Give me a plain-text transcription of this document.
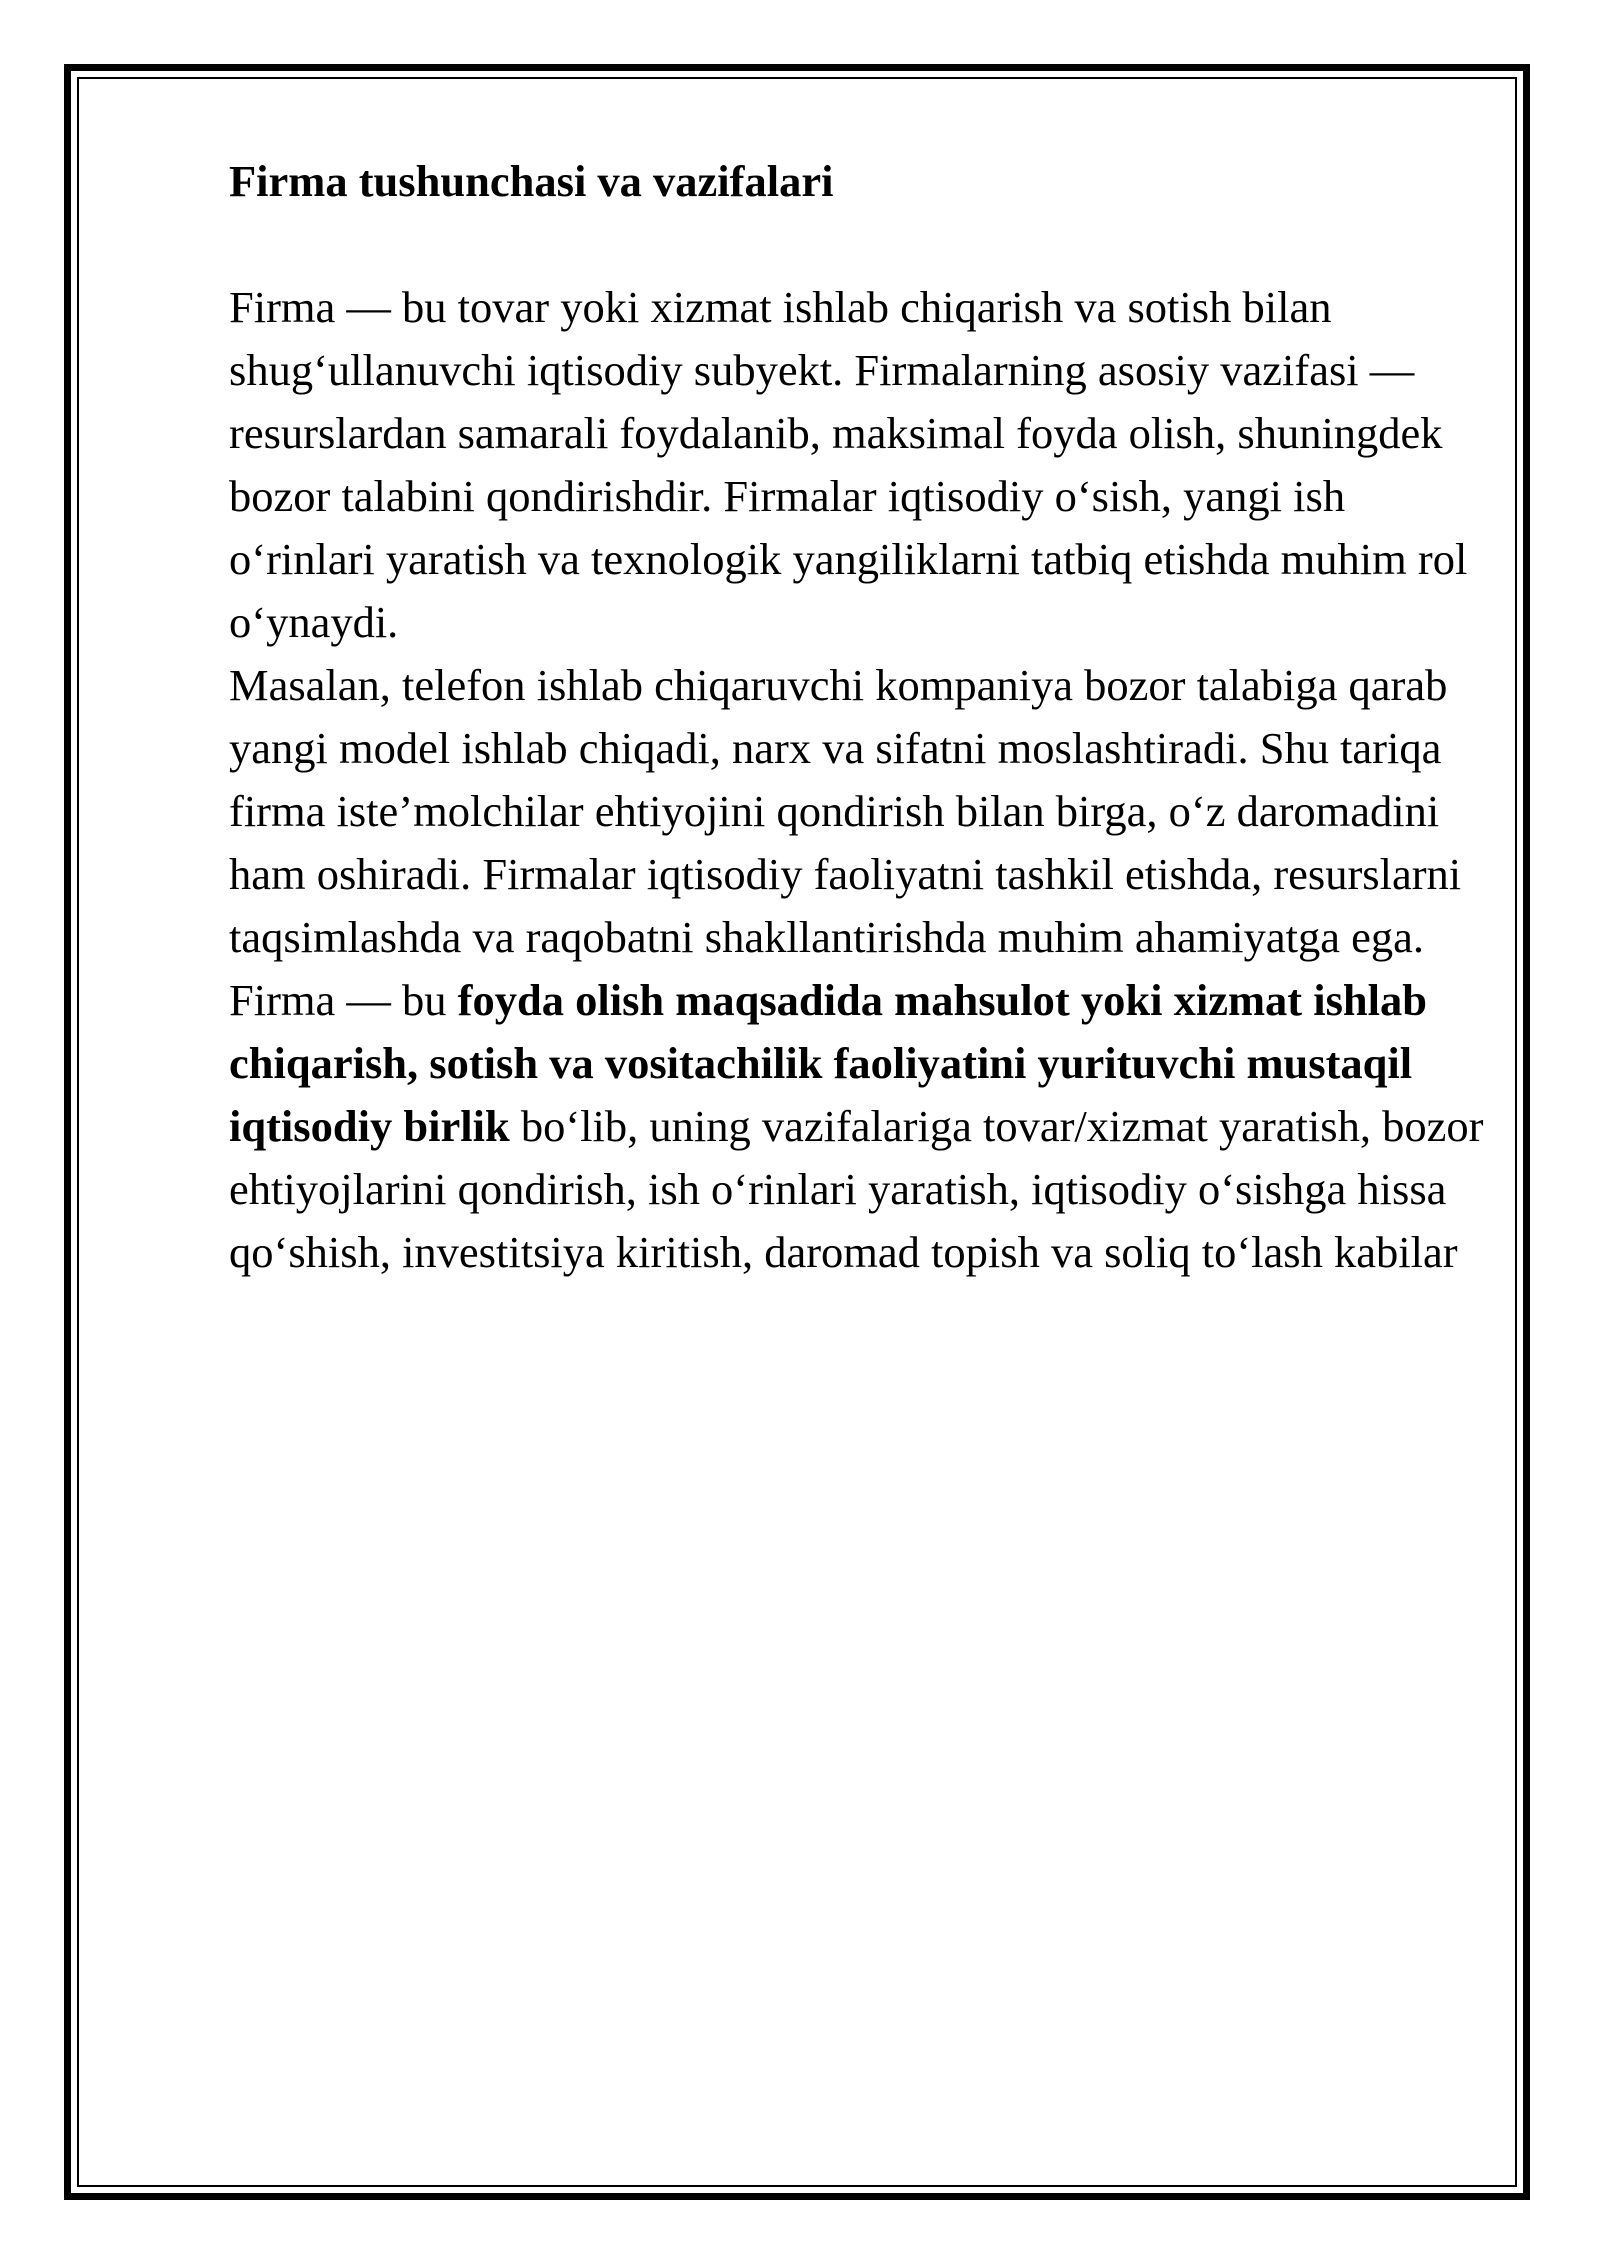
Firma tushunchasi va vazifalari

Firma — bu tovar yoki xizmat ishlab chiqarish va sotish bilan shug‘ullanuvchi iqtisodiy subyekt. Firmalarning asosiy vazifasi — resurslardan samarali foydalanib, maksimal foyda olish, shuningdek bozor talabini qondirishdir. Firmalar iqtisodiy o‘sish, yangi ish o‘rinlari yaratish va texnologik yangiliklarni tatbiq etishda muhim rol o‘ynaydi.

Masalan, telefon ishlab chiqaruvchi kompaniya bozor talabiga qarab yangi model ishlab chiqadi, narx va sifatni moslashtiradi. Shu tariqa firma iste’molchilar ehtiyojini qondirish bilan birga, o‘z daromadini ham oshiradi. Firmalar iqtisodiy faoliyatni tashkil etishda, resurslarni taqsimlashda va raqobatni shakllantirishda muhim ahamiyatga ega. Firma — bu foyda olish maqsadida mahsulot yoki xizmat ishlab chiqarish, sotish va vositachilik faoliyatini yurituvchi mustaqil iqtisodiy birlik bo‘lib, uning vazifalariga tovar/xizmat yaratish, bozor ehtiyojlarini qondirish, ish o‘rinlari yaratish, iqtisodiy o‘sishga hissa qo‘shish, investitsiya kiritish, daromad topish va soliq to‘lash kabilar
